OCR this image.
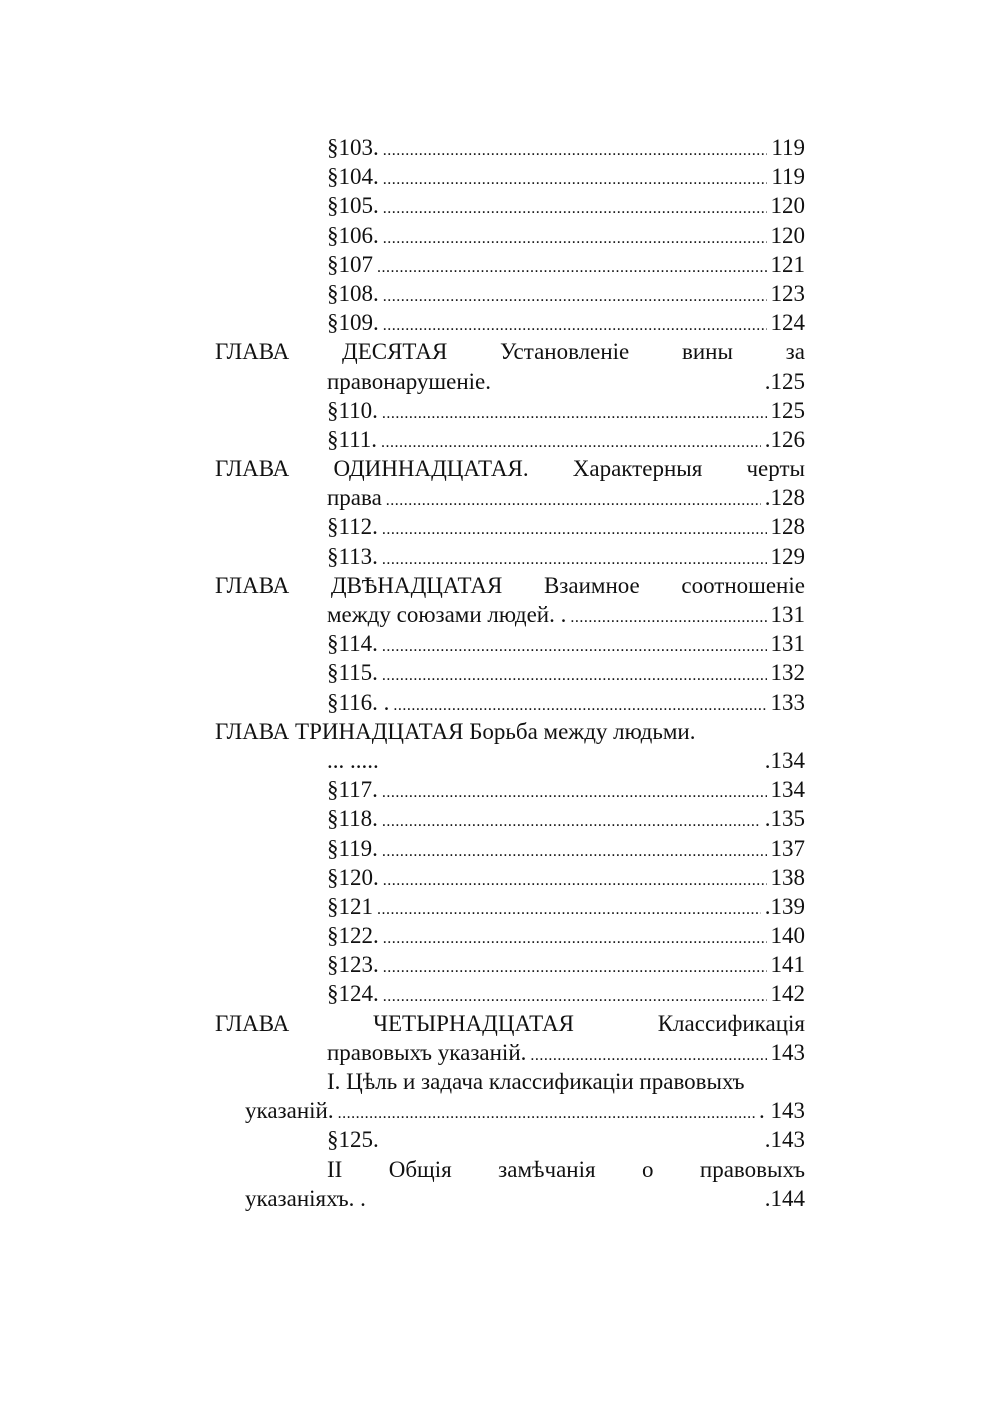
§103. .....	119
§104. .....	119
§105. .....	120
§106. .....	120
§107 .....	121
§108. .....	123
§109. .....	124
ГЛАВА ДЕСЯТАЯ Установленіе вины за
правонарушеніе.	.125
§110. .....	125
§111. .....	.126
ГЛАВА ОДИННАДЦАТАЯ. Характерныя черты
права .....	.128
§112. .....	128
§113. .....	129
ГЛАВА ДВѢНАДЦАТАЯ Взаимное соотношеніе
между союзами людей. . .....	131
§114. .....	131
§115. .....	132
§116. . .....	133
ГЛАВА ТРИНАДЦАТАЯ Борьба между людьми.
... .....	.134
§117. .....	134
§118. .....	.135
§119. .....	137
§120. .....	138
§121 .....	.139
§122. .....	140
§123. .....	141
§124. .....	142
ГЛАВА	ЧЕТЫРНАДЦАТАЯ	Классификація
правовыхъ указаній. .....	143
I. Цѣль и задача классификаціи правовыхъ
указаній. .....	. 143
§125.	.143
II Общія замѣчанія о правовыхъ
указаніяхъ. .	.144
